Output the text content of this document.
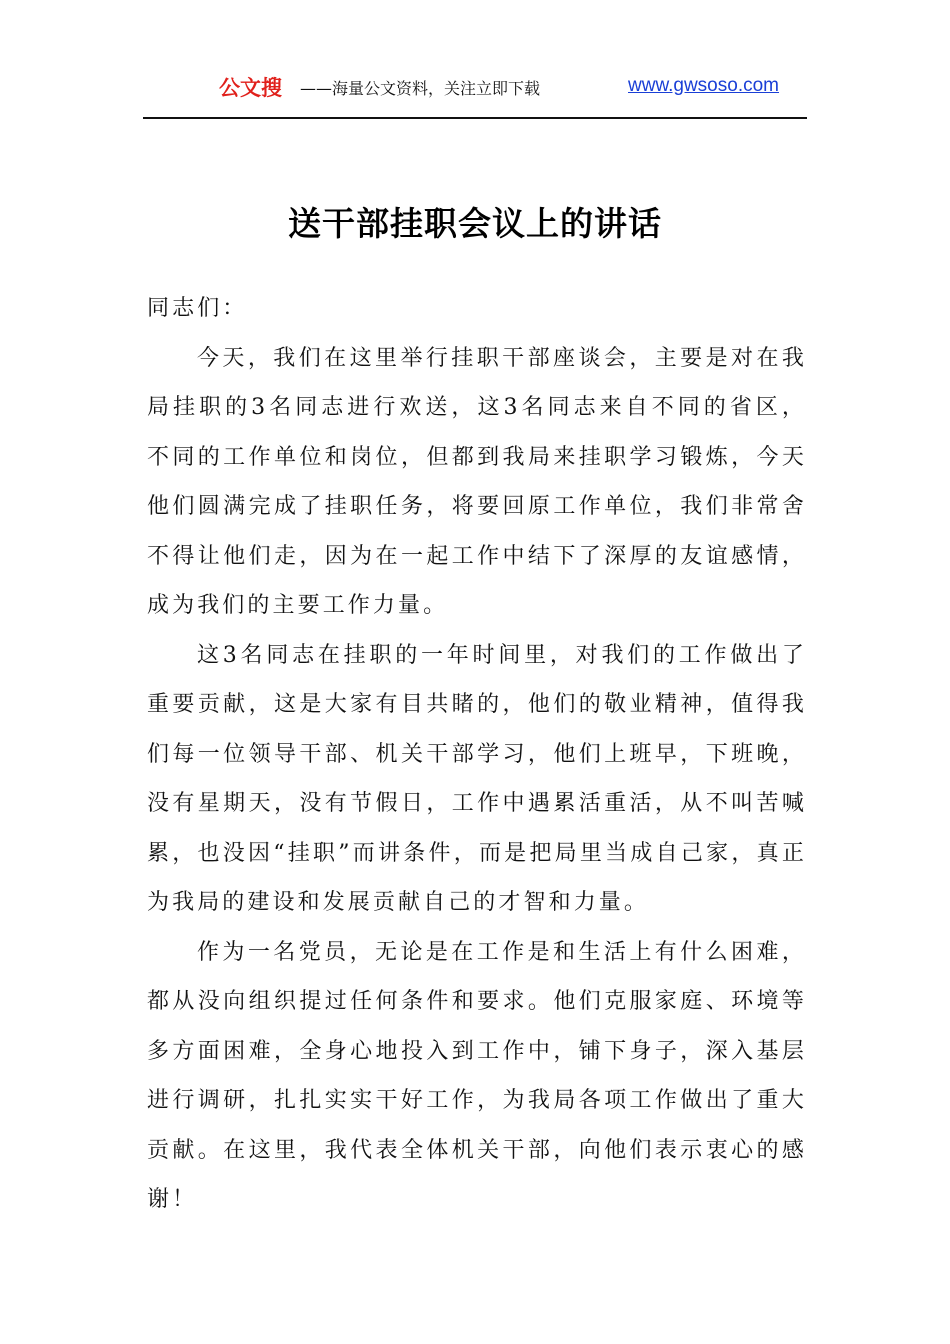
公文搜 ——海量公文资料，关注立即下载	www.gwsoso.com
送干部挂职会议上的讲话

同志们：

今天，我们在这里举行挂职干部座谈会，主要是对在我局挂职的3名同志进行欢送，这3名同志来自不同的省区，不同的工作单位和岗位，但都到我局来挂职学习锻炼，今天他们圆满完成了挂职任务，将要回原工作单位，我们非常舍不得让他们走，因为在一起工作中结下了深厚的友谊感情，成为我们的主要工作力量。

这3名同志在挂职的一年时间里，对我们的工作做出了重要贡献，这是大家有目共睹的，他们的敬业精神，值得我们每一位领导干部、机关干部学习，他们上班早，下班晚，没有星期天，没有节假日，工作中遇累活重活，从不叫苦喊累，也没因“挂职”而讲条件，而是把局里当成自己家，真正为我局的建设和发展贡献自己的才智和力量。

作为一名党员，无论是在工作是和生活上有什么困难，都从没向组织提过任何条件和要求。他们克服家庭、环境等多方面困难，全身心地投入到工作中，铺下身子，深入基层进行调研，扎扎实实干好工作，为我局各项工作做出了重大贡献。在这里，我代表全体机关干部，向他们表示衷心的感谢！
